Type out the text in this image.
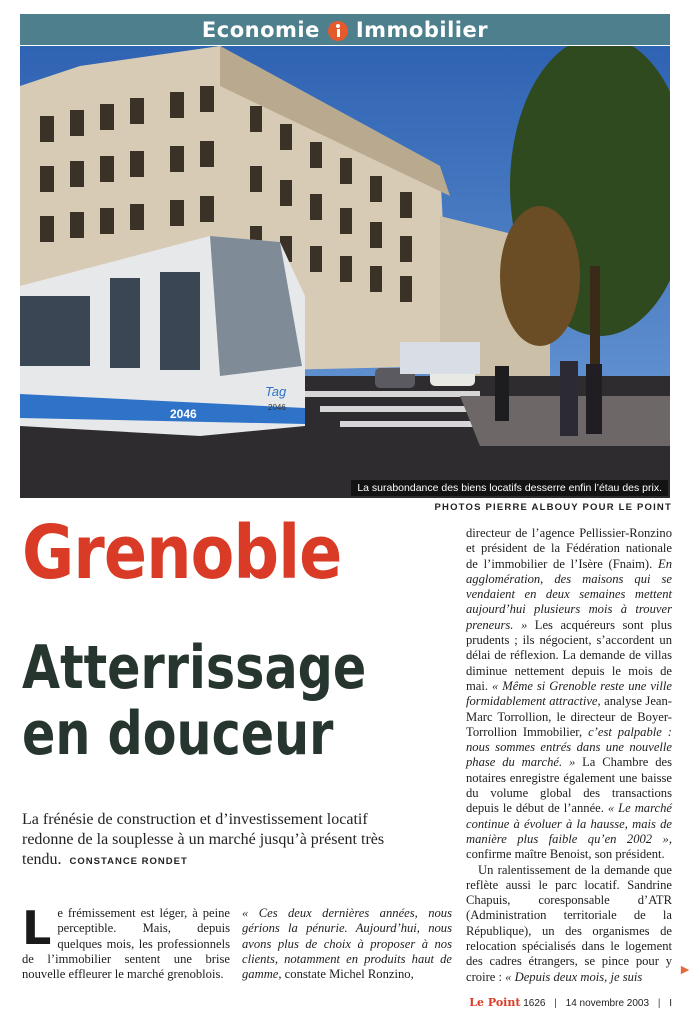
Economie Immobilier
2046
Tag
2046
La surabondance des biens locatifs desserre enfin l’étau des prix.
PHOTOS PIERRE ALBOUY POUR LE POINT
Grenoble
Atterrissage
en douceur
La frénésie de construction et d’investissement locatif redonne de la souplesse à un marché jusqu’à présent très tendu. CONSTANCE RONDET
Le frémissement est léger, à peine perceptible. Mais, depuis quelques mois, les professionnels de l’immobilier sentent une brise nouvelle effleurer le marché grenoblois.
« Ces deux dernières années, nous gérions la pénurie. Aujourd’hui, nous avons plus de choix à proposer à nos clients, notamment en produits haut de gamme, constate Michel Ronzino,

directeur de l’agence Pellissier-Ronzino et président de la Fédération nationale de l’immobilier de l’Isère (Fnaim). En agglomération, des maisons qui se vendaient en deux semaines mettent aujourd’hui plusieurs mois à trouver preneurs. » Les acquéreurs sont plus prudents ; ils négocient, s’accordent un délai de réflexion. La demande de villas diminue nettement depuis le mois de mai. « Même si Grenoble reste une ville formidablement attractive, analyse Jean-Marc Torrollion, le directeur de Boyer-Torrollion Immobilier, c’est palpable : nous sommes entrés dans une nouvelle phase du marché. » La Chambre des notaires enregistre également une baisse du volume global des transactions depuis le début de l’année. « Le marché continue à évoluer à la hausse, mais de manière plus faible qu’en 2002 », confirme maître Benoist, son président.

Un ralentissement de la demande que reflète aussi le parc locatif. Sandrine Chapuis, coresponsable d’ATR (Administration territoriale de la République), un des organismes de relocation spécialisés dans le logement des cadres étrangers, se pince pour y croire : « Depuis deux mois, je suis	►
Le Point 1626 | 14 novembre 2003 | I
